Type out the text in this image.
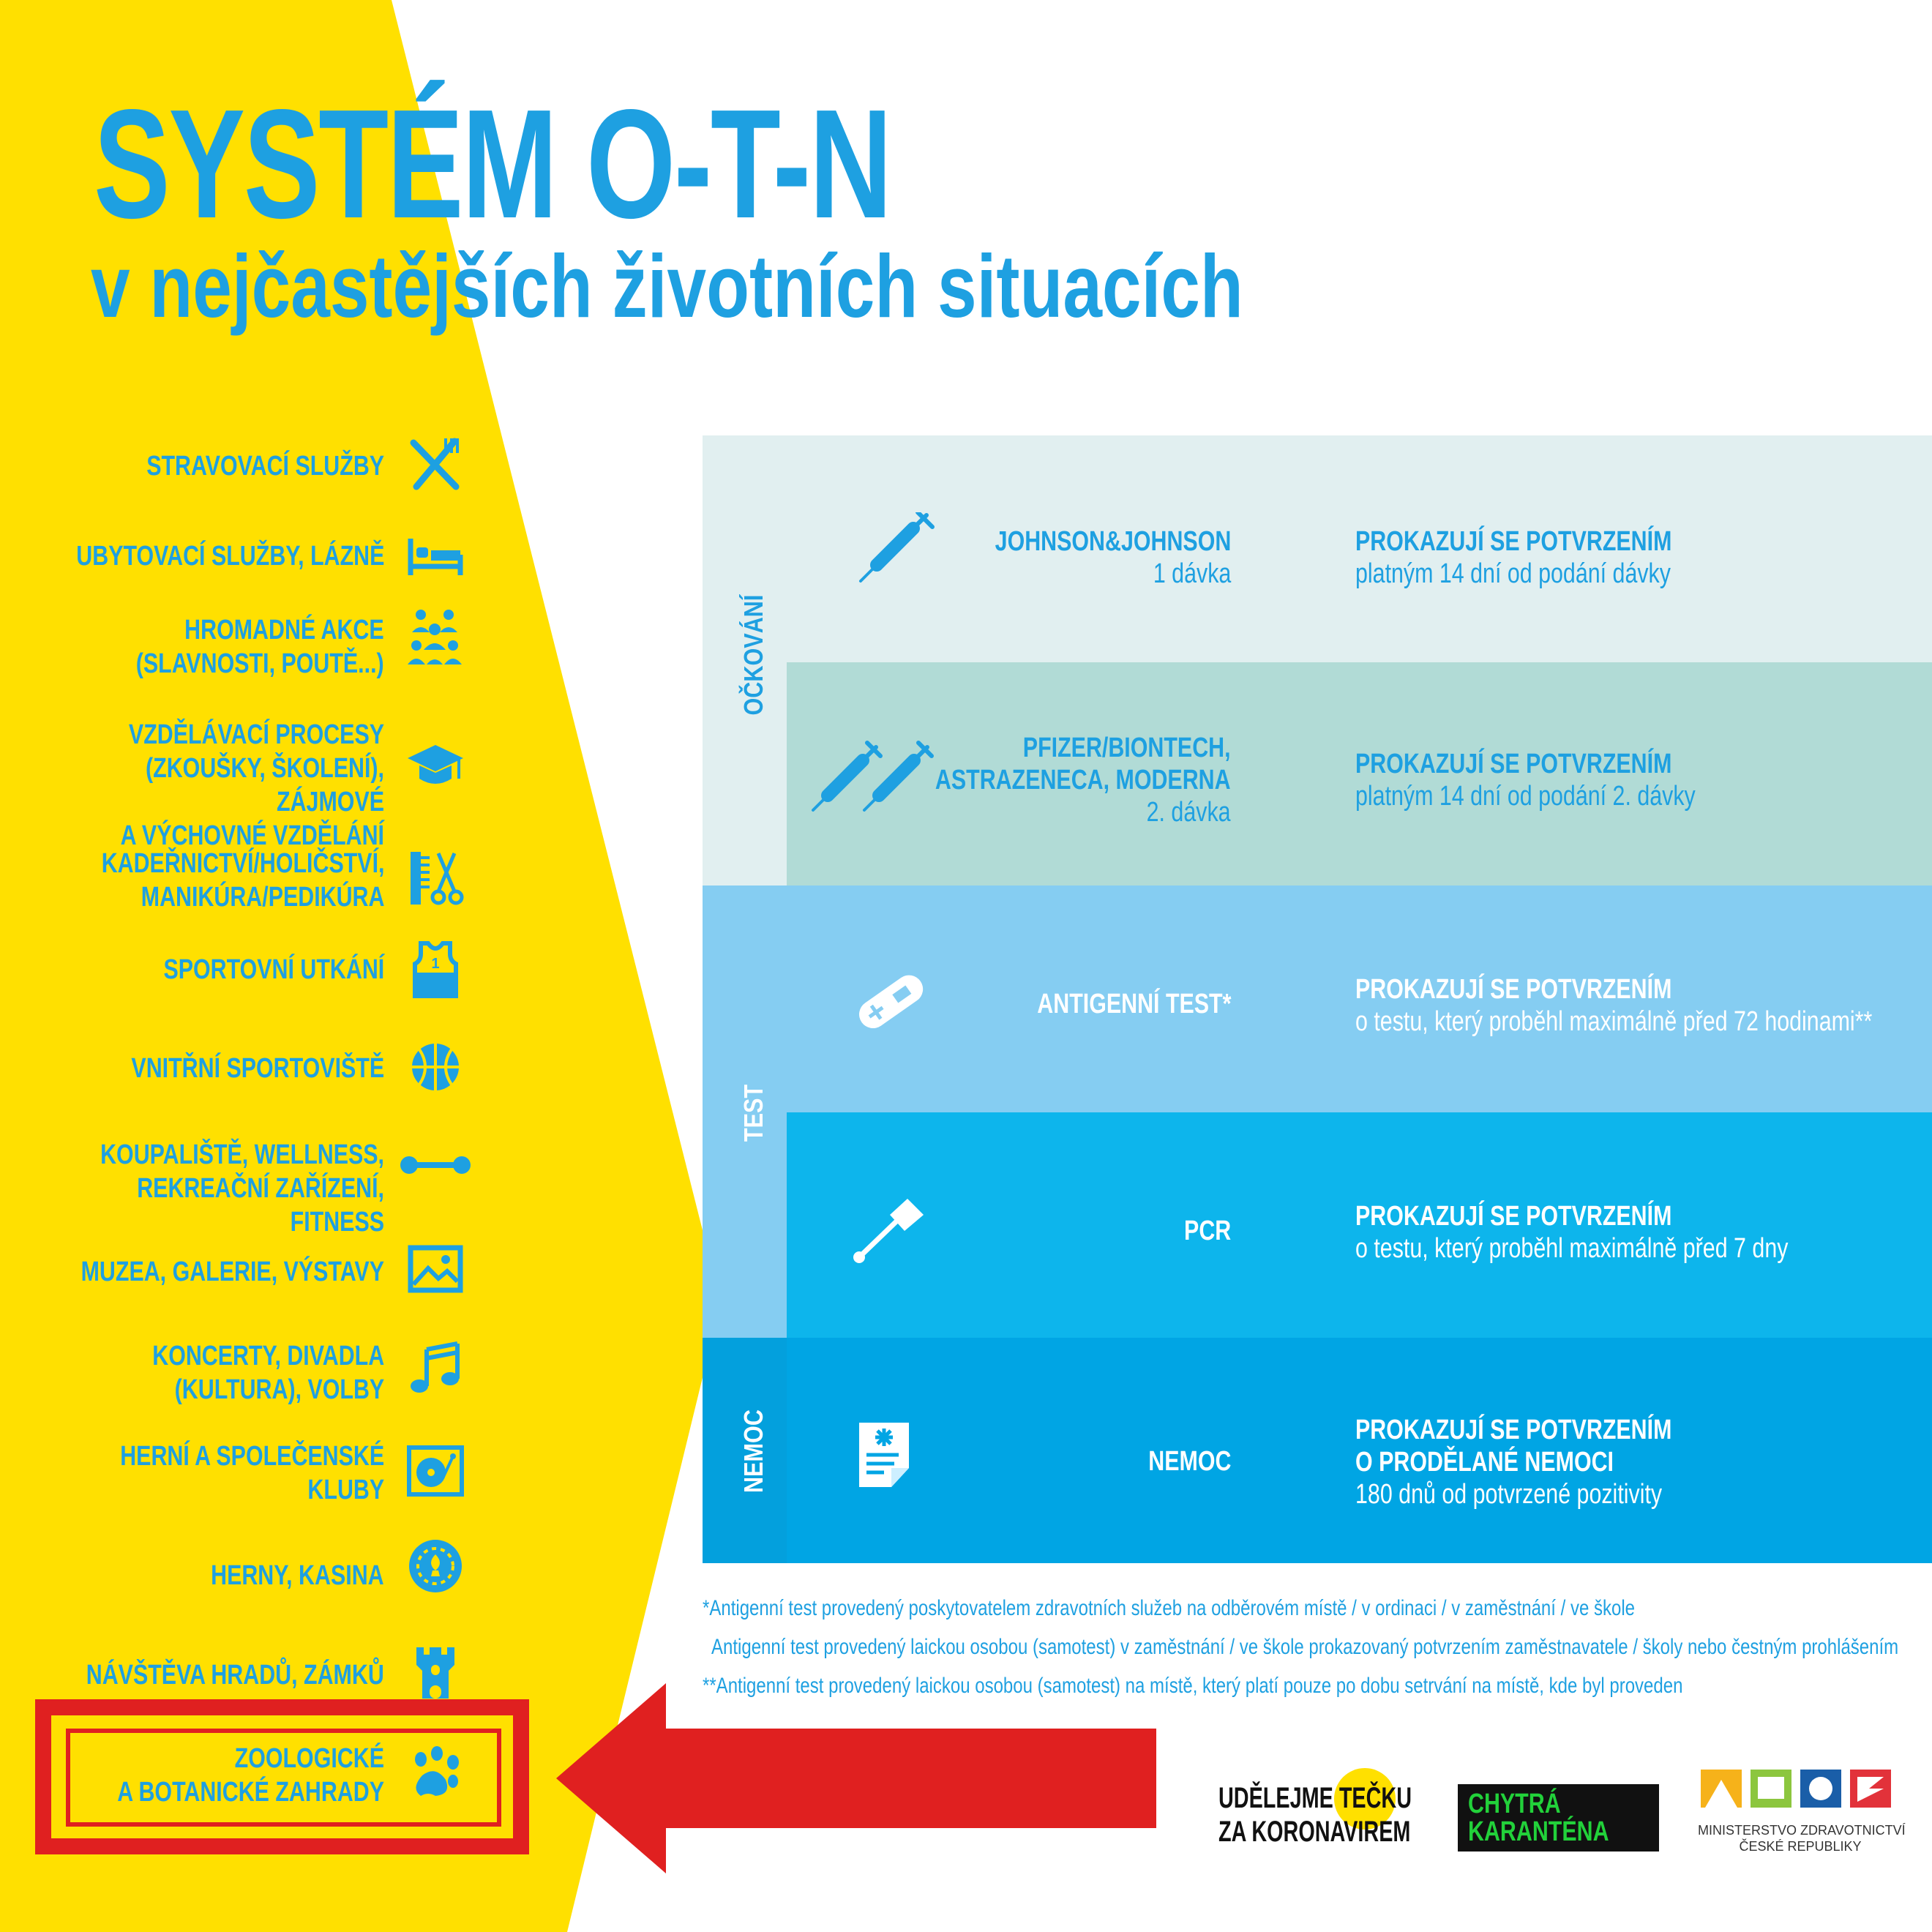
SYSTÉM O-T-N
v nejčastějších životních situacích
STRAVOVACÍ SLUŽBY
UBYTOVACÍ SLUŽBY, LÁZNĚ
HROMADNÉ AKCE
(SLAVNOSTI, POUTĚ...)
VZDĚLÁVACÍ PROCESY
(ZKOUŠKY, ŠKOLENÍ), ZÁJMOVÉ
A VÝCHOVNÉ VZDĚLÁNÍ
KADEŘNICTVÍ/HOLIČSTVÍ,
MANIKÚRA/PEDIKÚRA
SPORTOVNÍ UTKÁNÍ
VNITŘNÍ SPORTOVIŠTĚ
KOUPALIŠTĚ, WELLNESS,
REKREAČNÍ ZAŘÍZENÍ, FITNESS
MUZEA, GALERIE, VÝSTAVY
KONCERTY, DIVADLA
(KULTURA), VOLBY
HERNÍ A SPOLEČENSKÉ
KLUBY
HERNY, KASINA
NÁVŠTĚVA HRADŮ, ZÁMKŮ
ZOOLOGICKÉ
A BOTANICKÉ ZAHRADY
1
OČKOVÁNÍ
TEST
NEMOC
JOHNSON&JOHNSON
1 dávka
PFIZER/BIONTECH,
ASTRAZENECA, MODERNA
2. dávka
ANTIGENNÍ TEST*
PCR
NEMOC
PROKAZUJÍ SE POTVRZENÍM
platným 14 dní od podání dávky
PROKAZUJÍ SE POTVRZENÍM
platným 14 dní od podání 2. dávky
PROKAZUJÍ SE POTVRZENÍM
o testu, který proběhl maximálně před 72 hodinami**
PROKAZUJÍ SE POTVRZENÍM
o testu, který proběhl maximálně před 7 dny
PROKAZUJÍ SE POTVRZENÍM
O PRODĚLANÉ NEMOCI
180 dnů od potvrzené pozitivity
*Antigenní test provedený poskytovatelem zdravotních služeb na odběrovém místě / v ordinaci / v zaměstnání / ve škole
Antigenní test provedený laickou osobou (samotest) v zaměstnání / ve škole prokazovaný potvrzením zaměstnavatele / školy nebo čestným prohlášením
**Antigenní test provedený laickou osobou (samotest) na místě, který platí pouze po dobu setrvání na místě, kde byl proveden
UDĚLEJME TEČKU
ZA KORONAVIREM
CHYTRÁ
KARANTÉNA	MINISTERSTVO ZDRAVOTNICTVÍ
ČESKÉ REPUBLIKY
